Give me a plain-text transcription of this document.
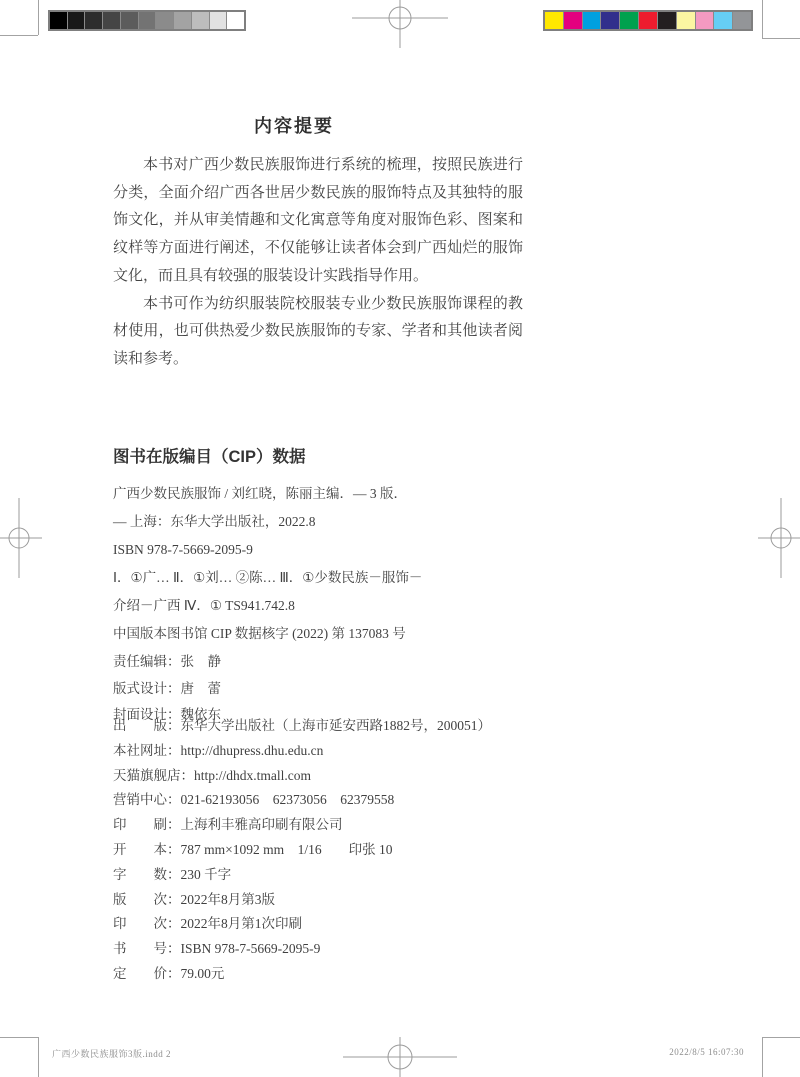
内容提要

本书对广西少数民族服饰进行系统的梳理，按照民族进行分类，全面介绍广西各世居少数民族的服饰特点及其独特的服饰文化，并从审美情趣和文化寓意等角度对服饰色彩、图案和纹样等方面进行阐述，不仅能够让读者体会到广西灿烂的服饰文化，而且具有较强的服装设计实践指导作用。

本书可作为纺织服装院校服装专业少数民族服饰课程的教材使用，也可供热爱少数民族服饰的专家、学者和其他读者阅读和参考。

图书在版编目（CIP）数据
广西少数民族服饰 / 刘红晓，陈丽主编．— 3 版．
— 上海：东华大学出版社，2022.8
ISBN 978-7-5669-2095-9
Ⅰ．①广… Ⅱ．①刘… ②陈… Ⅲ．①少数民族－服饰－
介绍－广西 Ⅳ．① TS941.742.8
中国版本图书馆 CIP 数据核字 (2022) 第 137083 号
责任编辑：张　静
版式设计：唐　蕾
封面设计：魏依东
出　　版：东华大学出版社（上海市延安西路1882号，200051）
本社网址：http://dhupress.dhu.edu.cn
天猫旗舰店：http://dhdx.tmall.com
营销中心：021-62193056　62373056　62379558
印　　刷：上海利丰雅高印刷有限公司
开　　本：787 mm×1092 mm　1/16　　印张 10
字　　数：230 千字
版　　次：2022年8月第3版
印　　次：2022年8月第1次印刷
书　　号：ISBN 978-7-5669-2095-9
定　　价：79.00元
广西少数民族服饰3版.indd 2	2022/8/5 16:07:30
